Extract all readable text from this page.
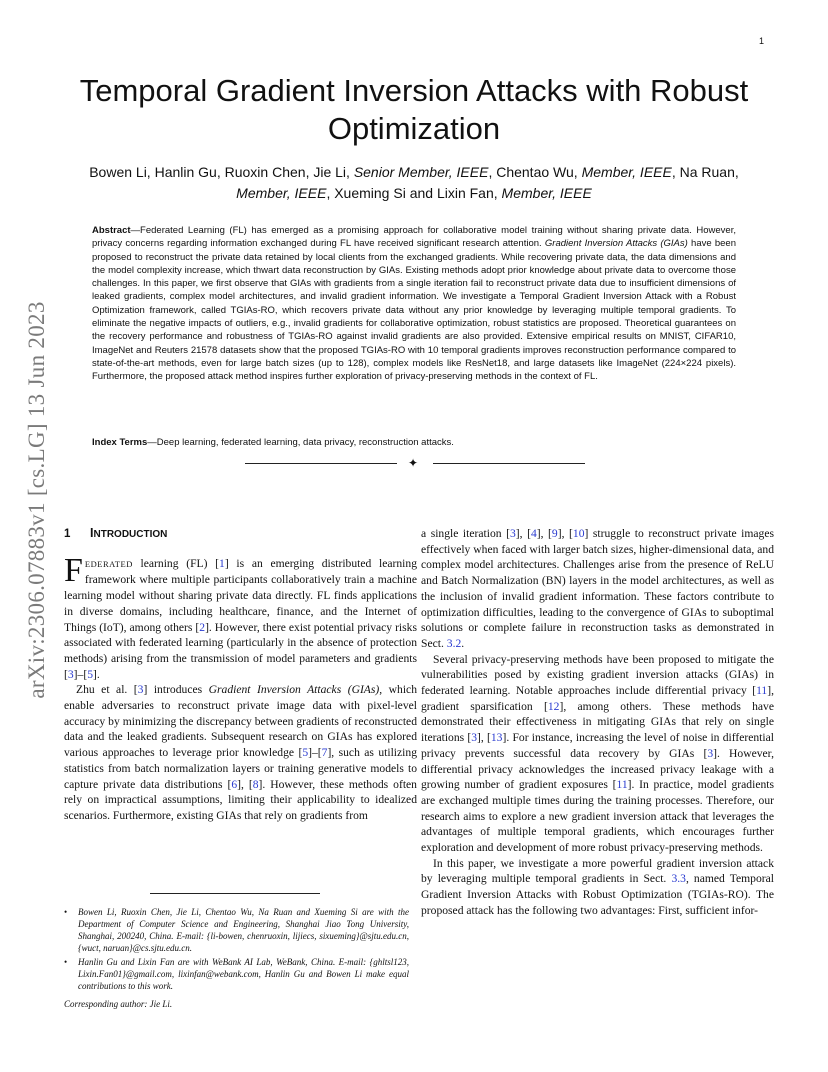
1
arXiv:2306.07883v1 [cs.LG] 13 Jun 2023
Temporal Gradient Inversion Attacks with Robust Optimization
Bowen Li, Hanlin Gu, Ruoxin Chen, Jie Li, Senior Member, IEEE, Chentao Wu, Member, IEEE, Na Ruan,
Member, IEEE, Xueming Si and Lixin Fan, Member, IEEE
Abstract—Federated Learning (FL) has emerged as a promising approach for collaborative model training without sharing private data. However, privacy concerns regarding information exchanged during FL have received significant research attention. Gradient Inversion Attacks (GIAs) have been proposed to reconstruct the private data retained by local clients from the exchanged gradients. While recovering private data, the data dimensions and the model complexity increase, which thwart data reconstruction by GIAs. Existing methods adopt prior knowledge about private data to overcome those challenges. In this paper, we first observe that GIAs with gradients from a single iteration fail to reconstruct private data due to insufficient dimensions of leaked gradients, complex model architectures, and invalid gradient information. We investigate a Temporal Gradient Inversion Attack with a Robust Optimization framework, called TGIAs-RO, which recovers private data without any prior knowledge by leveraging multiple temporal gradients. To eliminate the negative impacts of outliers, e.g., invalid gradients for collaborative optimization, robust statistics are proposed. Theoretical guarantees on the recovery performance and robustness of TGIAs-RO against invalid gradients are also provided. Extensive empirical results on MNIST, CIFAR10, ImageNet and Reuters 21578 datasets show that the proposed TGIAs-RO with 10 temporal gradients improves reconstruction performance compared to state-of-the-art methods, even for large batch sizes (up to 128), complex models like ResNet18, and large datasets like ImageNet (224×224 pixels). Furthermore, the proposed attack method inspires further exploration of privacy-preserving methods in the context of FL.
Index Terms—Deep learning, federated learning, data privacy, reconstruction attacks.
✦
1 INTRODUCTION

FEDERATED learning (FL) [1] is an emerging distributed learning framework where multiple participants collaboratively train a machine learning model without sharing private data directly. FL finds applications in diverse domains, including healthcare, finance, and the Internet of Things (IoT), among others [2]. However, there exist potential privacy risks associated with federated learning (particularly in the absence of protection methods) arising from the transmission of model parameters and gradients [3]–[5].

Zhu et al. [3] introduces Gradient Inversion Attacks (GIAs), which enable adversaries to reconstruct private image data with pixel-level accuracy by minimizing the discrepancy between gradients of reconstructed data and the leaked gradients. Subsequent research on GIAs has explored various approaches to leverage prior knowledge [5]–[7], such as utilizing statistics from batch normalization layers or training generative models to capture private data distributions [6], [8]. However, these methods often rely on impractical assumptions, limiting their applicability to idealized scenarios. Furthermore, existing GIAs that rely on gradients from

• Bowen Li, Ruoxin Chen, Jie Li, Chentao Wu, Na Ruan and Xueming Si are with the Department of Computer Science and Engineering, Shanghai Jiao Tong University, Shanghai, 200240, China. E-mail: {li-bowen, chenruoxin, lijiecs, sixueming}@sjtu.edu.cn, {wuct, naruan}@cs.sjtu.edu.cn.
• Hanlin Gu and Lixin Fan are with WeBank AI Lab, WeBank, China. E-mail: {ghltsl123, Lixin.Fan01}@gmail.com, lixinfan@webank.com, Hanlin Gu and Bowen Li make equal contributions to this work.
Corresponding author: Jie Li.

a single iteration [3], [4], [9], [10] struggle to reconstruct private images effectively when faced with larger batch sizes, higher-dimensional data, and complex model architectures. Challenges arise from the presence of ReLU and Batch Normalization (BN) layers in the model architectures, as well as the inclusion of invalid gradient information. These factors contribute to optimization difficulties, leading to the convergence of GIAs to suboptimal solutions or complete failure in reconstruction tasks as demonstrated in Sect. 3.2.

Several privacy-preserving methods have been proposed to mitigate the vulnerabilities posed by existing gradient inversion attacks (GIAs) in federated learning. Notable approaches include differential privacy [11], gradient sparsification [12], among others. These methods have demonstrated their effectiveness in mitigating GIAs that rely on single iterations [3], [13]. For instance, increasing the level of noise in differential privacy prevents successful data recovery by GIAs [3]. However, differential privacy acknowledges the increased privacy leakage with a growing number of gradient exposures [11]. In practice, model gradients are exchanged multiple times during the training processes. Therefore, our research aims to explore a new gradient inversion attack that leverages the advantages of multiple temporal gradients, which encourages further exploration and development of more robust privacy-preserving methods.

In this paper, we investigate a more powerful gradient inversion attack by leveraging multiple temporal gradients in Sect. 3.3, named Temporal Gradient Inversion Attacks with Robust Optimization (TGIAs-RO). The proposed attack has the following two advantages: First, sufficient infor-
